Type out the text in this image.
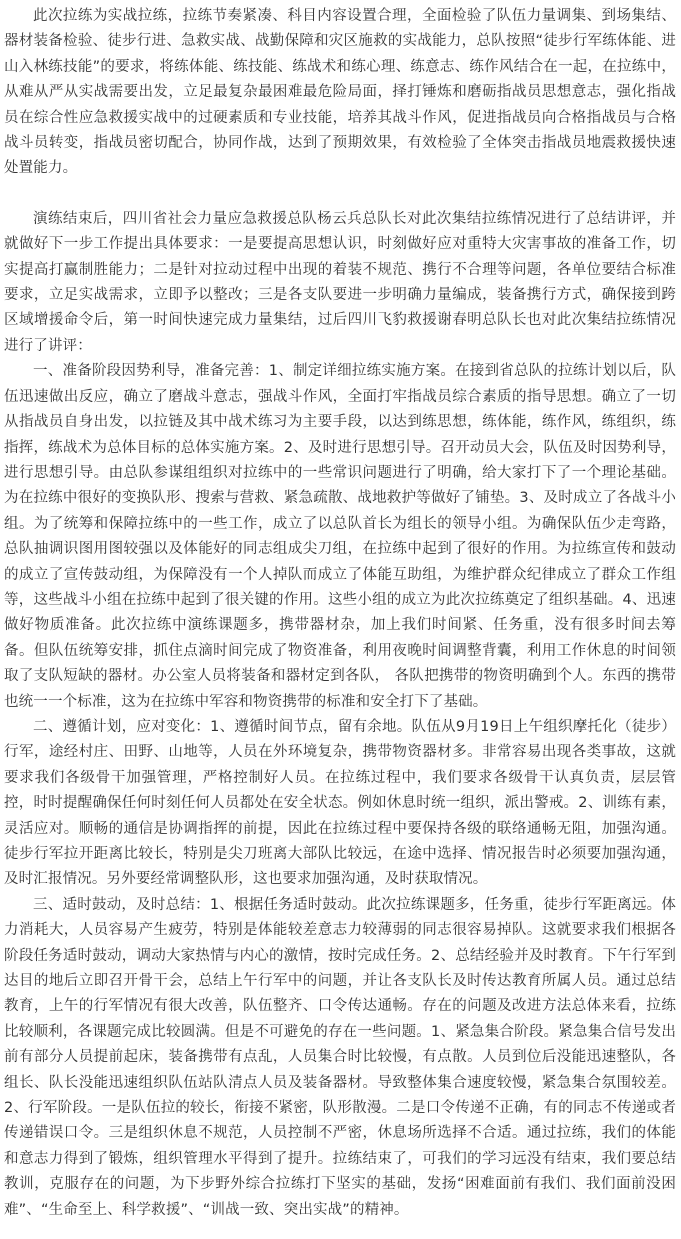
此次拉练为实战拉练，拉练节奏紧凑、科目内容设置合理，全面检验了队伍力量调集、到场集结、器材装备检验、徒步行进、急救实战、战勤保障和灾区施救的实战能力，总队按照“徒步行军练体能、进山入林练技能”的要求，将练体能、练技能、练战术和练心理、练意志、练作风结合在一起，在拉练中，从难从严从实战需要出发，立足最复杂最困难最危险局面，择打锤炼和磨砺指战员思想意志，强化指战员在综合性应急救援实战中的过硬素质和专业技能，培养其战斗作风，促进指战员向合格指战员与合格战斗员转变，指战员密切配合，协同作战，达到了预期效果，有效检验了全体突击指战员地震救援快速处置能力。

演练结束后，四川省社会力量应急救援总队杨云兵总队长对此次集结拉练情况进行了总结讲评，并就做好下一步工作提出具体要求：一是要提高思想认识，时刻做好应对重特大灾害事故的准备工作，切实提高打赢制胜能力；二是针对拉动过程中出现的着装不规范、携行不合理等问题，各单位要结合标准要求，立足实战需求，立即予以整改；三是各支队要进一步明确力量编成，装备携行方式，确保接到跨区域增援命令后，第一时间快速完成力量集结，过后四川飞豹救援谢春明总队长也对此次集结拉练情况进行了讲评：

一、准备阶段因势利导，准备完善：1、制定详细拉练实施方案。在接到省总队的拉练计划以后，队伍迅速做出反应，确立了磨战斗意志，强战斗作风，全面打牢指战员综合素质的指导思想。确立了一切从指战员自身出发，以拉链及其中战术练习为主要手段，以达到练思想，练体能，练作风，练组织，练指挥，练战术为总体目标的总体实施方案。2、及时进行思想引导。召开动员大会，队伍及时因势利导，进行思想引导。由总队参谋组组织对拉练中的一些常识问题进行了明确，给大家打下了一个理论基础。为在拉练中很好的变换队形、搜索与营救、紧急疏散、战地救护等做好了铺垫。3、及时成立了各战斗小组。为了统筹和保障拉练中的一些工作，成立了以总队首长为组长的领导小组。为确保队伍少走弯路，总队抽调识图用图较强以及体能好的同志组成尖刀组，在拉练中起到了很好的作用。为拉练宣传和鼓动的成立了宣传鼓动组，为保障没有一个人掉队而成立了体能互助组，为维护群众纪律成立了群众工作组等，这些战斗小组在拉练中起到了很关键的作用。这些小组的成立为此次拉练奠定了组织基础。4、迅速做好物质准备。此次拉练中演练课题多，携带器材杂，加上我们时间紧、任务重，没有很多时间去筹备。但队伍统筹安排，抓住点滴时间完成了物资准备，利用夜晚时间调整背囊，利用工作休息的时间领取了支队短缺的器材。办公室人员将装备和器材定到各队， 各队把携带的物资明确到个人。东西的携带也统一一个标准，这为在拉练中军容和物资携带的标准和安全打下了基础。

二、遵循计划，应对变化：1、遵循时间节点，留有余地。队伍从9月19日上午组织摩托化（徒步）行军，途经村庄、田野、山地等，人员在外环境复杂，携带物资器材多。非常容易出现各类事故，这就要求我们各级骨干加强管理，严格控制好人员。在拉练过程中，我们要求各级骨干认真负责，层层管控，时时提醒确保任何时刻任何人员都处在安全状态。例如休息时统一组织，派出警戒。2、训练有素，灵活应对。顺畅的通信是协调指挥的前提，因此在拉练过程中要保持各级的联络通畅无阻，加强沟通。徒步行军拉开距离比较长，特别是尖刀班离大部队比较远，在途中选择、情况报告时必须要加强沟通，及时汇报情况。另外要经常调整队形，这也要求加强沟通，及时获取情况。

三、适时鼓动，及时总结：1、根据任务适时鼓动。此次拉练课题多，任务重，徒步行军距离远。体力消耗大，人员容易产生疲劳，特别是体能较差意志力较薄弱的同志很容易掉队。这就要求我们根据各阶段任务适时鼓动，调动大家热情与内心的激情，按时完成任务。2、总结经验并及时教育。下午行军到达目的地后立即召开骨干会，总结上午行军中的问题，并让各支队长及时传达教育所属人员。通过总结教育，上午的行军情况有很大改善，队伍整齐、口令传达通畅。存在的问题及改进方法总体来看，拉练比较顺利，各课题完成比较圆满。但是不可避免的存在一些问题。1、紧急集合阶段。紧急集合信号发出前有部分人员提前起床，装备携带有点乱，人员集合时比较慢，有点散。人员到位后没能迅速整队，各组长、队长没能迅速组织队伍站队清点人员及装备器材。导致整体集合速度较慢，紧急集合氛围较差。2、行军阶段。一是队伍拉的较长，衔接不紧密，队形散漫。二是口令传递不正确，有的同志不传递或者传递错误口令。三是组织休息不规范，人员控制不严密，休息场所选择不合适。通过拉练，我们的体能和意志力得到了锻炼，组织管理水平得到了提升。拉练结束了，可我们的学习远没有结束，我们要总结教训，克服存在的问题，为下步野外综合拉练打下坚实的基础，发扬“困难面前有我们、我们面前没困难”、“生命至上、科学救援”、“训战一致、突出实战”的精神。
